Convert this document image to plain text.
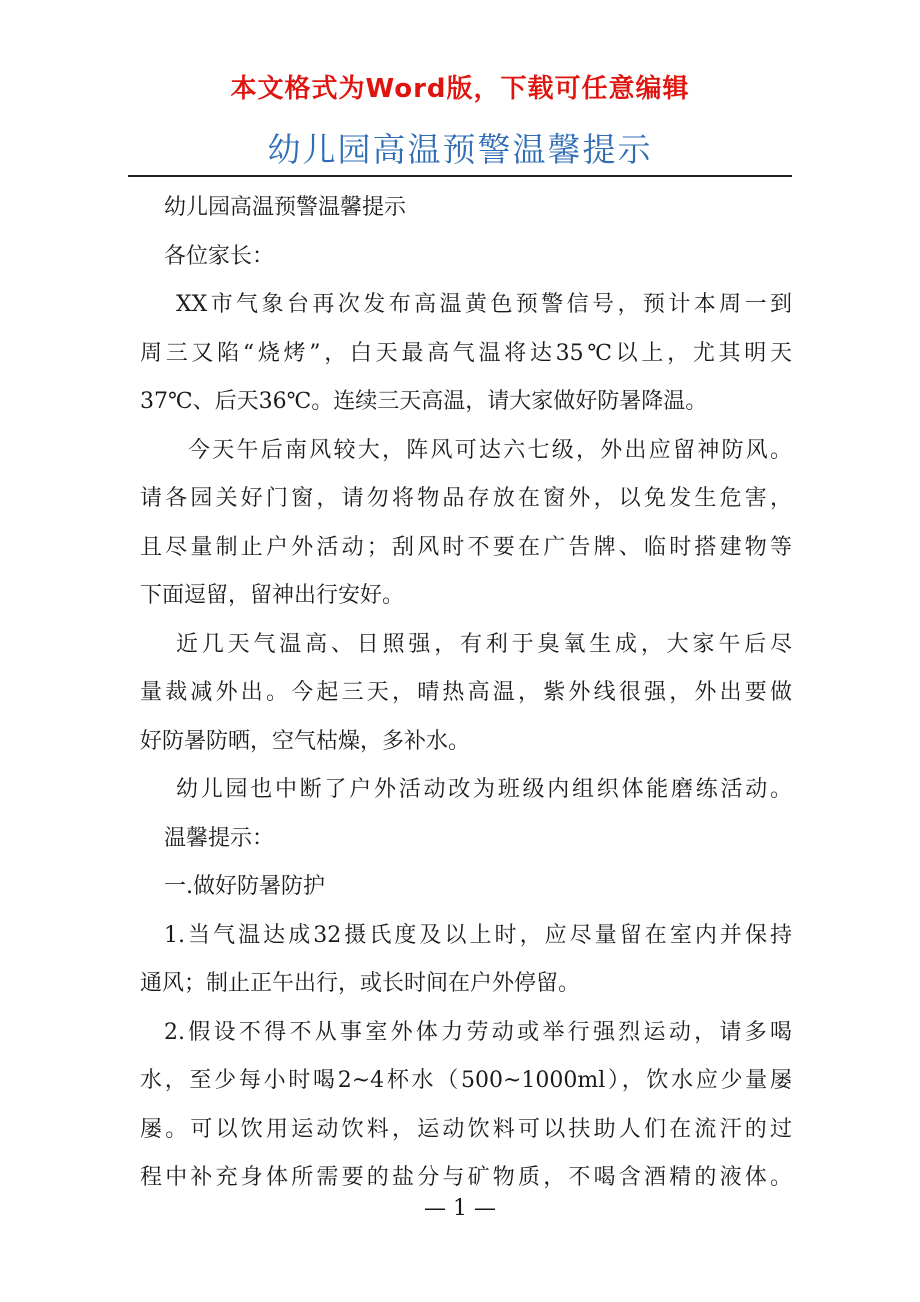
本文格式为Word版，下载可任意编辑
幼儿园高温预警温馨提示
幼儿园高温预警温馨提示
各位家长：
XX市气象台再次发布高温黄色预警信号，预计本周一到
周三又陷“烧烤”，白天最高气温将达35℃以上，尤其明天
37℃、后天36℃。连续三天高温，请大家做好防暑降温。
今天午后南风较大，阵风可达六七级，外出应留神防风。
请各园关好门窗，请勿将物品存放在窗外，以免发生危害，
且尽量制止户外活动；刮风时不要在广告牌、临时搭建物等
下面逗留，留神出行安好。
近几天气温高、日照强，有利于臭氧生成，大家午后尽
量裁减外出。今起三天，晴热高温，紫外线很强，外出要做
好防暑防晒，空气枯燥，多补水。
幼儿园也中断了户外活动改为班级内组织体能磨练活动。
温馨提示：
一.做好防暑防护
1.当气温达成32摄氏度及以上时，应尽量留在室内并保持
通风；制止正午出行，或长时间在户外停留。
2.假设不得不从事室外体力劳动或举行强烈运动，请多喝
水，至少每小时喝2~4杯水（500~1000ml），饮水应少量屡
屡。可以饮用运动饮料，运动饮料可以扶助人们在流汗的过
程中补充身体所需要的盐分与矿物质，不喝含酒精的液体。
— 1 —
